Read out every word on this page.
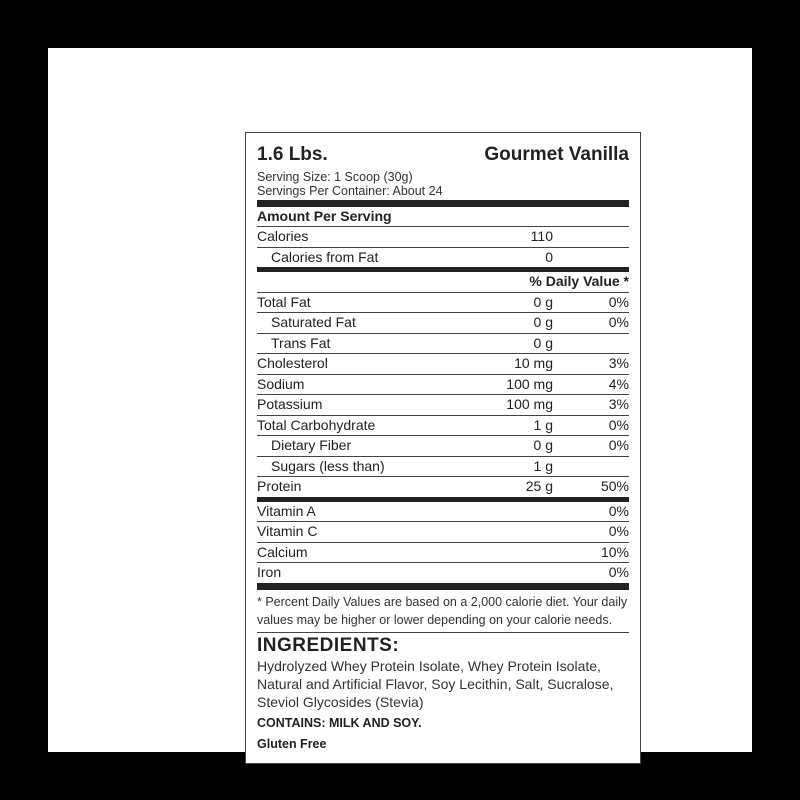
1.6 Lbs.	Gourmet Vanilla
Serving Size: 1 Scoop (30g)
Servings Per Container: About 24
Amount Per Serving
Calories	110
Calories from Fat	0
% Daily Value *
Total Fat	0 g	0%
Saturated Fat	0 g	0%
Trans Fat	0 g
Cholesterol	10 mg	3%
Sodium	100 mg	4%
Potassium	100 mg	3%
Total Carbohydrate	1 g	0%
Dietary Fiber	0 g	0%
Sugars (less than)	1 g
Protein	25 g	50%
Vitamin A	0%
Vitamin C	0%
Calcium	10%
Iron	0%
* Percent Daily Values are based on a 2,000 calorie diet. Your daily values may be higher or lower depending on your calorie needs.
INGREDIENTS:
Hydrolyzed Whey Protein Isolate, Whey Protein Isolate, Natural and Artificial Flavor, Soy Lecithin, Salt, Sucralose, Steviol Glycosides (Stevia)
CONTAINS: MILK AND SOY.
Gluten Free
